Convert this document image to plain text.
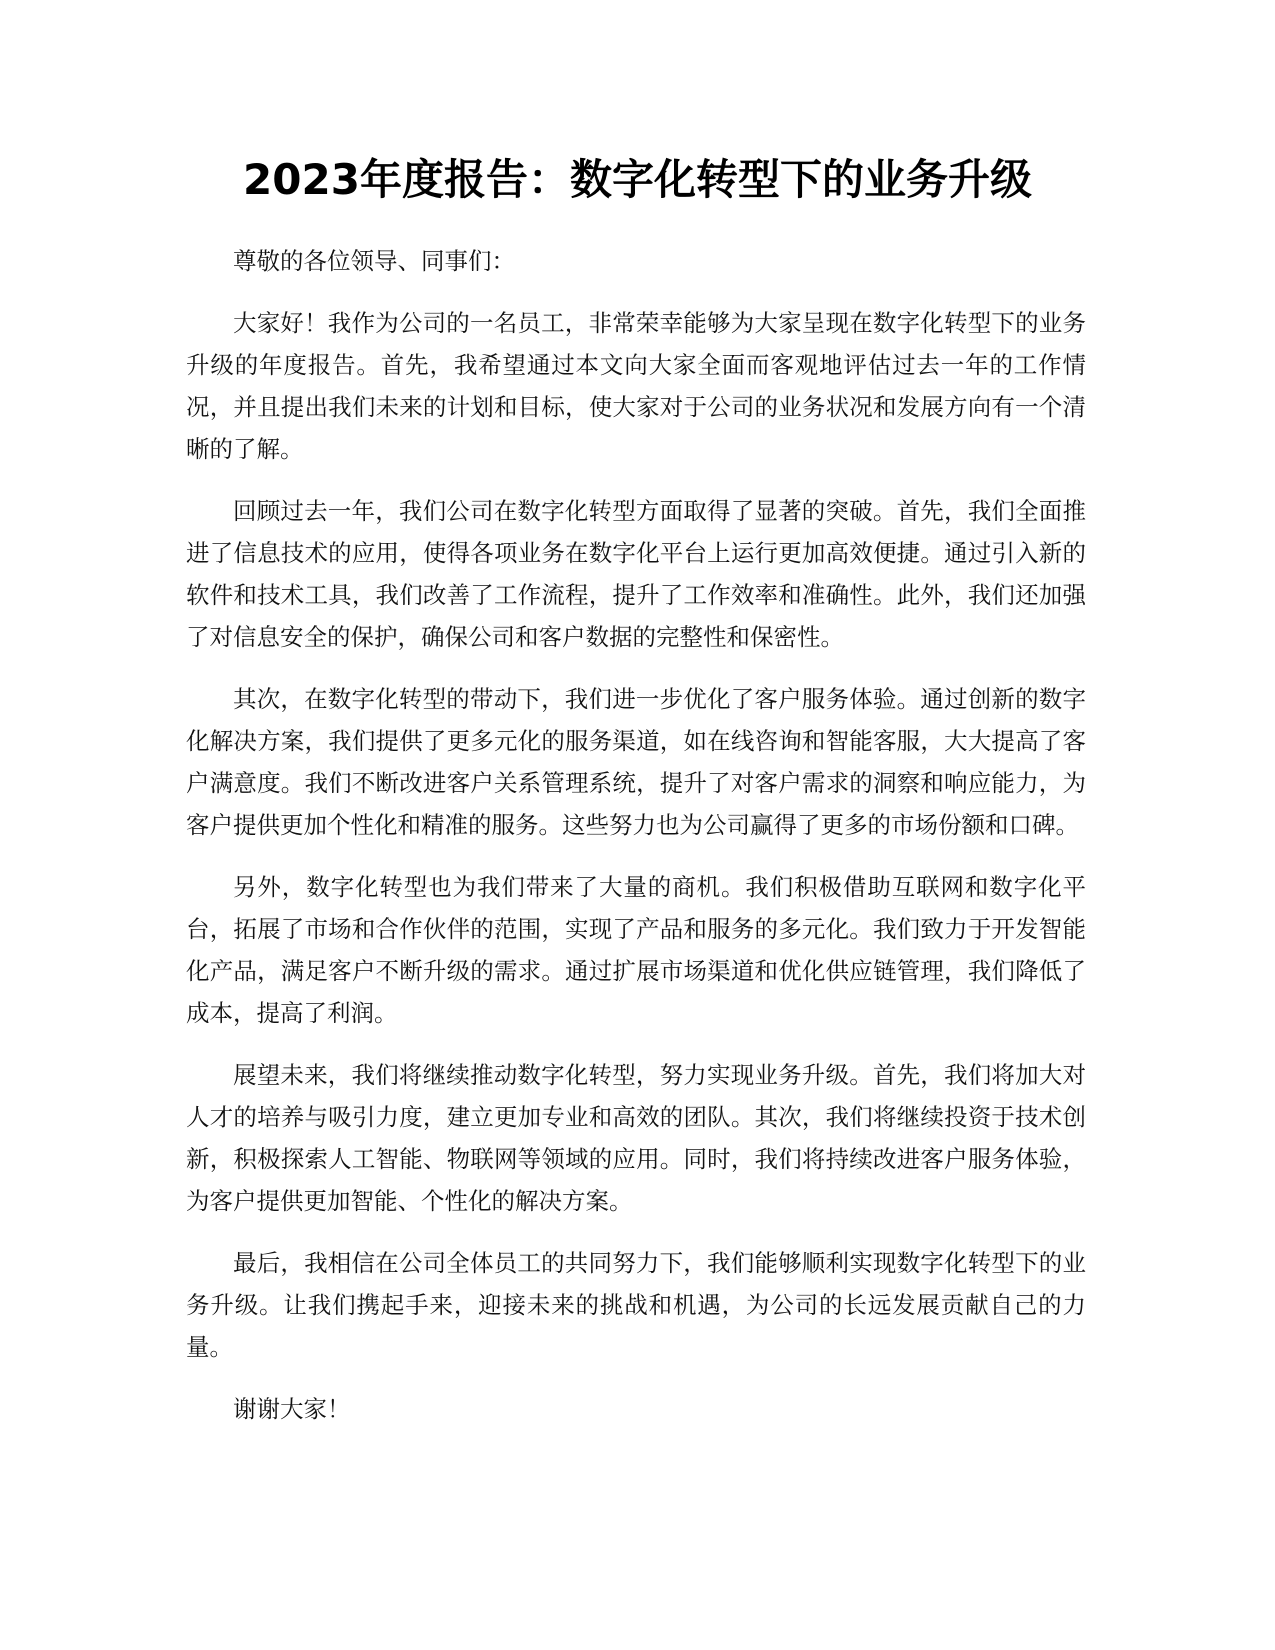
2023年度报告：数字化转型下的业务升级

尊敬的各位领导、同事们：

大家好！我作为公司的一名员工，非常荣幸能够为大家呈现在数字化转型下的业务升级的年度报告。首先，我希望通过本文向大家全面而客观地评估过去一年的工作情况，并且提出我们未来的计划和目标，使大家对于公司的业务状况和发展方向有一个清晰的了解。

回顾过去一年，我们公司在数字化转型方面取得了显著的突破。首先，我们全面推进了信息技术的应用，使得各项业务在数字化平台上运行更加高效便捷。通过引入新的软件和技术工具，我们改善了工作流程，提升了工作效率和准确性。此外，我们还加强了对信息安全的保护，确保公司和客户数据的完整性和保密性。

其次，在数字化转型的带动下，我们进一步优化了客户服务体验。通过创新的数字化解决方案，我们提供了更多元化的服务渠道，如在线咨询和智能客服，大大提高了客户满意度。我们不断改进客户关系管理系统，提升了对客户需求的洞察和响应能力，为客户提供更加个性化和精准的服务。这些努力也为公司赢得了更多的市场份额和口碑。

另外，数字化转型也为我们带来了大量的商机。我们积极借助互联网和数字化平台，拓展了市场和合作伙伴的范围，实现了产品和服务的多元化。我们致力于开发智能化产品，满足客户不断升级的需求。通过扩展市场渠道和优化供应链管理，我们降低了成本，提高了利润。

展望未来，我们将继续推动数字化转型，努力实现业务升级。首先，我们将加大对人才的培养与吸引力度，建立更加专业和高效的团队。其次，我们将继续投资于技术创新，积极探索人工智能、物联网等领域的应用。同时，我们将持续改进客户服务体验，为客户提供更加智能、个性化的解决方案。

最后，我相信在公司全体员工的共同努力下，我们能够顺利实现数字化转型下的业务升级。让我们携起手来，迎接未来的挑战和机遇，为公司的长远发展贡献自己的力量。

谢谢大家！
